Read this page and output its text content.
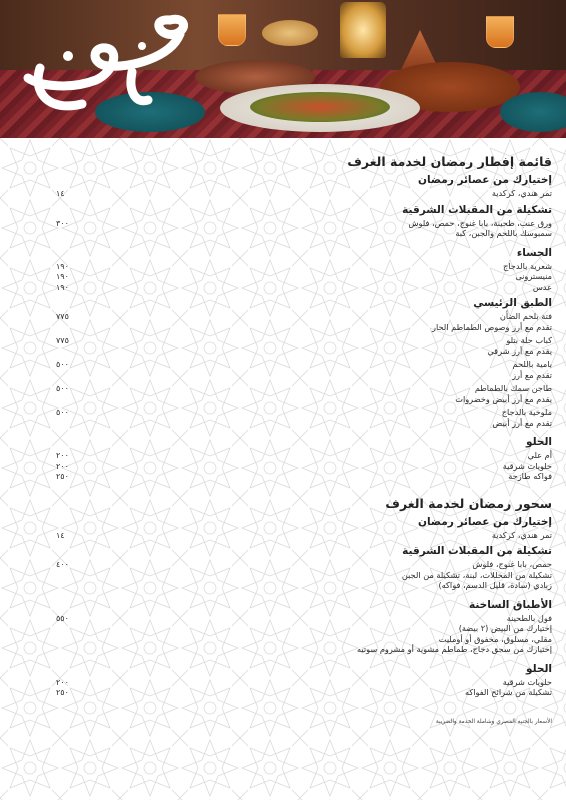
قائمة إفطار رمضان لخدمة الغرف
إختيارك من عصائر رمضان
١٤	تمر هندي، كركدية
تشكيلة من المقبلات الشرقية
٣٠٠	ورق عنب، طحينة، بابا غنوج، حمص، فلوش
سمبوسك باللحم والجبن، كبة
الحساء
١٩٠	شعرية بالدجاج
١٩٠	منيسترونى
١٩٠	عدس
الطبق الرئيسي
٧٧٥	فتة بلحم الضأن
تقدم مع أرز وصوص الطماطم الحار
٧٧٥	كباب حلة بتلو
يقدم مع أرز شرقي
٥٠٠	بامية باللحم
تقدم مع أرز
٥٠٠	طاجن سمك بالطماطم
يقدم مع أرز أبيض وخضروات
٥٠٠	ملوخية بالدجاج
تقدم مع أرز أبيض
الحلو
٢٠٠	أم علي
٢٠٠	حلويات شرقية
٢٥٠	فواكه طازجة
سحور رمضان لخدمة الغرف
إختيارك من عصائر رمضان
١٤	تمر هندي، كركدية
تشكيلة من المقبلات الشرقية
٤٠٠	حمص، بابا غنوج، فلوش
تشكيلة من المخللات، لبنة، تشكيلة من الجبن
زبادي (سادة، قليل الدسم، فواكه)
الأطباق الساخنة
٥٥٠	فول بالطحينة
إختيارك من البيض (٢ بيضة)
مقلي، مسلوق، مخفوق أو أومليت
إختيارك من سجق دجاج، طماطم مشوية أو مشروم سوتيه
الحلو
٢٠٠	حلويات شرقية
٢٥٠	تشكيلة من شرائح الفواكه
الأسعار بالجنيه المصري وشاملة الخدمة والضريبة
